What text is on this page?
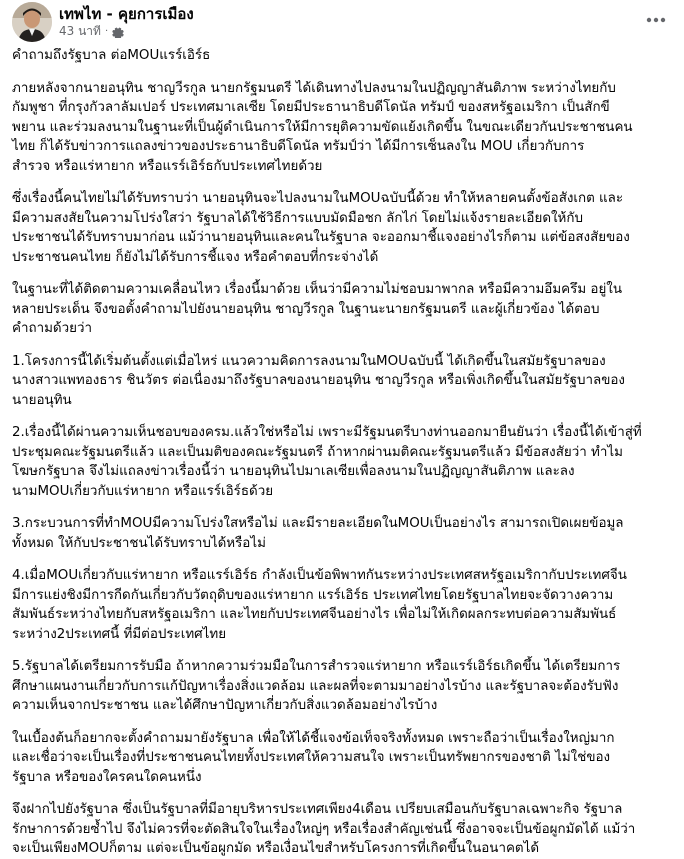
เทพไท - คุยการเมือง
43 นาที ·

คำถามถึงรัฐบาล ต่อMOUแรร์เอิร์ธ

ภายหลังจากนายอนุทิน ชาญวีรกูล นายกรัฐมนตรี ได้เดินทางไปลงนามในปฏิญญาสันติภาพ ระหว่างไทยกับ
กัมพูชา ที่กรุงกัวลาลัมเปอร์ ประเทศมาเลเซีย โดยมีประธานาธิบดีโดนัล ทรัมป์ ของสหรัฐอเมริกา เป็นสักขี
พยาน และร่วมลงนามในฐานะที่เป็นผู้ดำเนินการให้มีการยุติความขัดแย้งเกิดขึ้น ในขณะเดียวกันประชาชนคน
ไทย ก็ได้รับข่าวการแถลงข่าวของประธานาธิบดีโดนัล ทรัมป์ว่า ได้มีการเซ็นลงใน MOU เกี่ยวกับการ
สำรวจ หรือแร่หายาก หรือแรร์เอิร์ธกับประเทศไทยด้วย

ซึ่งเรื่องนี้คนไทยไม่ได้รับทราบว่า นายอนุทินจะไปลงนามในMOUฉบับนี้ด้วย ทำให้หลายคนตั้งข้อสังเกต และ
มีความสงสัยในความโปร่งใสว่า รัฐบาลได้ใช้วิธีการแบบมัดมือชก ลักไก่ โดยไม่แจ้งรายละเอียดให้กับ
ประชาชนได้รับทราบมาก่อน แม้ว่านายอนุทินและคนในรัฐบาล จะออกมาชี้แจงอย่างไรก็ตาม แต่ข้อสงสัยของ
ประชาชนคนไทย ก็ยังไม่ได้รับการชี้แจง หรือคำตอบที่กระจ่างได้

ในฐานะที่ได้ติดตามความเคลื่อนไหว เรื่องนี้มาด้วย เห็นว่ามีความไม่ชอบมาพากล หรือมีความอึมครึม อยู่ใน
หลายประเด็น จึงขอตั้งคำถามไปยังนายอนุทิน ชาญวีรกูล ในฐานะนายกรัฐมนตรี และผู้เกี่ยวข้อง ได้ตอบ
คำถามด้วยว่า

1.โครงการนี้ได้เริ่มต้นตั้งแต่เมื่อไหร่ แนวความคิดการลงนามในMOUฉบับนี้ ได้เกิดขึ้นในสมัยรัฐบาลของ
นางสาวแพทองธาร ชินวัตร ต่อเนื่องมาถึงรัฐบาลของนายอนุทิน ชาญวีรกูล หรือเพิ่งเกิดขึ้นในสมัยรัฐบาลของ
นายอนุทิน

2.เรื่องนี้ได้ผ่านความเห็นชอบของครม.แล้วใช่หรือไม่ เพราะมีรัฐมนตรีบางท่านออกมายืนยันว่า เรื่องนี้ได้เข้าสู่ที่
ประชุมคณะรัฐมนตรีแล้ว และเป็นมติของคณะรัฐมนตรี ถ้าหากผ่านมติคณะรัฐมนตรีแล้ว มีข้อสงสัยว่า ทำไม
โฆษกรัฐบาล จึงไม่แถลงข่าวเรื่องนี้ว่า นายอนุทินไปมาเลเซียเพื่อลงนามในปฏิญญาสันติภาพ และลง
นามMOUเกี่ยวกับแร่หายาก หรือแรร์เอิร์ธด้วย

3.กระบวนการที่ทำMOUมีความโปร่งใสหรือไม่ และมีรายละเอียดในMOUเป็นอย่างไร สามารถเปิดเผยข้อมูล
ทั้งหมด ให้กับประชาชนได้รับทราบได้หรือไม่

4.เมื่อMOUเกี่ยวกับแร่หายาก หรือแรร์เอิร์ธ กำลังเป็นข้อพิพาทกันระหว่างประเทศสหรัฐอเมริกากับประเทศจีน
มีการแย่งชิงมีการกีดกันเกี่ยวกับวัตถุดิบของแร่หายาก แรร์เอิร์ธ ประเทศไทยโดยรัฐบาลไทยจะจัดวางความ
สัมพันธ์ระหว่างไทยกับสหรัฐอเมริกา และไทยกับประเทศจีนอย่างไร เพื่อไม่ให้เกิดผลกระทบต่อความสัมพันธ์
ระหว่าง2ประเทศนี้ ที่มีต่อประเทศไทย

5.รัฐบาลได้เตรียมการรับมือ ถ้าหากความร่วมมือในการสำรวจแร่หายาก หรือแรร์เอิร์ธเกิดขึ้น ได้เตรียมการ
ศึกษาแผนงานเกี่ยวกับการแก้ปัญหาเรื่องสิ่งแวดล้อม และผลที่จะตามมาอย่างไรบ้าง และรัฐบาลจะต้องรับฟัง
ความเห็นจากประชาชน และได้ศึกษาปัญหาเกี่ยวกับสิ่งแวดล้อมอย่างไรบ้าง

ในเบื้องต้นก็อยากจะตั้งคำถามมายังรัฐบาล เพื่อให้ได้ชี้แจงข้อเท็จจริงทั้งหมด เพราะถือว่าเป็นเรื่องใหญ่มาก
และเชื่อว่าจะเป็นเรื่องที่ประชาชนคนไทยทั้งประเทศให้ความสนใจ เพราะเป็นทรัพยากรของชาติ ไม่ใช่ของ
รัฐบาล หรือของใครคนใดคนหนึ่ง

จึงฝากไปยังรัฐบาล ซึ่งเป็นรัฐบาลที่มีอายุบริหารประเทศเพียง4เดือน เปรียบเสมือนกับรัฐบาลเฉพาะกิจ รัฐบาล
รักษาการด้วยซ้ำไป จึงไม่ควรที่จะตัดสินใจในเรื่องใหญ่ๆ หรือเรื่องสำคัญเช่นนี้ ซึ่งอาจจะเป็นข้อผูกมัดได้ แม้ว่า
จะเป็นเพียงMOUก็ตาม แต่จะเป็นข้อผูกมัด หรือเงื่อนไขสำหรับโครงการที่เกิดขึ้นในอนาคตได้
